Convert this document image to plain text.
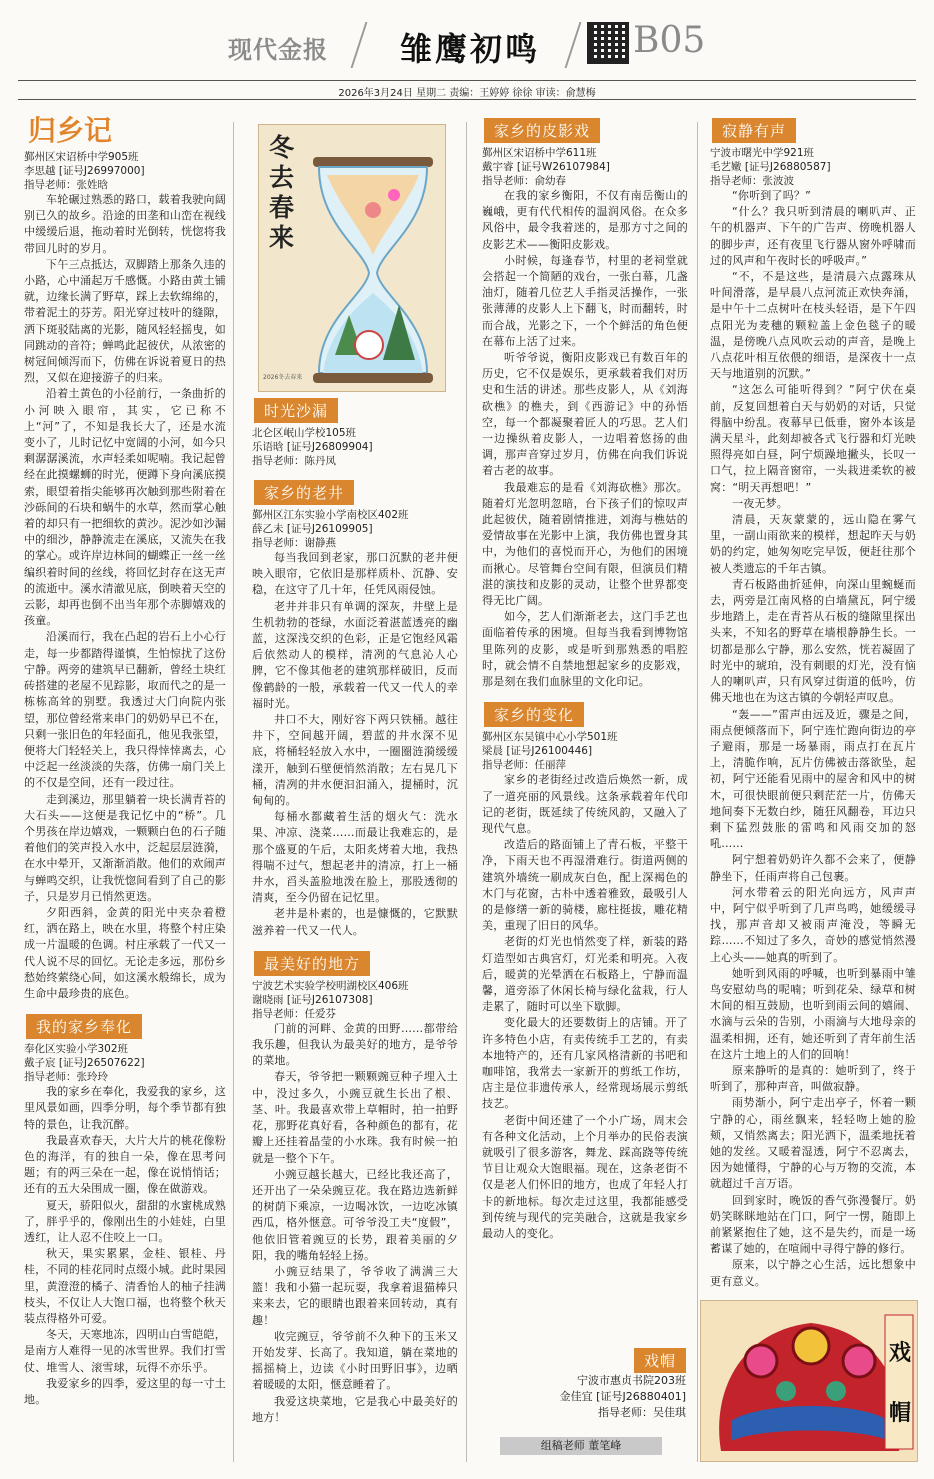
现代金报 雏鹰初鸣	B05
2026年3月24日 星期二 责编：王婷婷 徐徐 审读：俞慧梅
归乡记
鄞州区宋诏桥中学905班
李思越 [证号J26997000]
指导老师：张姓晗

车轮碾过熟悉的路口，载着我驶向阔别已久的故乡。沿途的田垄和山峦在视线中缓缓后退，拖动着时光倒转，恍惚将我带回儿时的岁月。

下午三点抵达，双脚踏上那条久违的小路，心中涌起万千感慨。小路由黄土铺就，边缘长满了野草，踩上去软绵绵的，带着泥土的芬芳。阳光穿过枝叶的缝隙，洒下斑驳陆离的光影，随风轻轻摇曳，如同跳动的音符；蝉鸣此起彼伏，从浓密的树冠间倾泻而下，仿佛在诉说着夏日的热烈，又似在迎接游子的归来。

沿着土黄色的小径前行，一条曲折的小河映入眼帘，其实，它已称不上“河”了，不知是我长大了，还是水流变小了，儿时记忆中宽阔的小河，如今只剩潺潺溪流，水声轻柔如呢喃。我记起曾经在此摸螺蛳的时光，便蹲下身向溪底摸索，眼望着指尖能够再次触到那些附着在沙砾间的石块和蜗牛的水草，然而掌心触着的却只有一把细软的黄沙。泥沙如沙漏中的细沙，静静流走在溪底，又流失在我的掌心。或许岸边林间的蝴蝶正一丝一丝编织着时间的丝线，将回忆封存在这无声的流逝中。溪水清澈见底，倒映着天空的云影，却再也倒不出当年那个赤脚嬉戏的孩童。

沿溪而行，我在凸起的岩石上小心行走，每一步都踏得谨慎，生怕惊扰了这份宁静。两旁的建筑早已翻新，曾经土块红砖搭建的老屋不见踪影，取而代之的是一栋栋高耸的别墅。我透过大门向院内张望，那位曾经常来串门的奶奶早已不在，只剩一张旧色的年轻面孔，他见我张望，便将大门轻轻关上，我只得悻悻离去，心中泛起一丝淡淡的失落，仿佛一扇门关上的不仅是空间，还有一段过往。

走到溪边，那里躺着一块长满青苔的大石头——这便是我记忆中的“桥”。几个男孩在岸边嬉戏，一颗颗白色的石子随着他们的笑声投入水中，泛起层层涟漪，在水中晕开，又渐渐消散。他们的欢闹声与蝉鸣交织，让我恍惚间看到了自己的影子，只是岁月已悄然更迭。

夕阳西斜，金黄的阳光中夹杂着橙红，洒在路上，映在水里，将整个村庄染成一片温暖的色调。村庄承载了一代又一代人说不尽的回忆。无论走多远，那份乡愁始终萦绕心间，如这溪水般绵长，成为生命中最珍贵的底色。

我的家乡奉化
奉化区实验小学302班
戴子宸 [证号J26507622]
指导老师：张玲玲

我的家乡在奉化，我爱我的家乡，这里风景如画，四季分明，每个季节都有独特的景色，让我沉醉。

我最喜欢春天，大片大片的桃花像粉色的海洋，有的独自一朵，像在思考问题；有的两三朵在一起，像在说悄悄话；还有的五大朵围成一圈，像在做游戏。

夏天，骄阳似火，甜甜的水蜜桃成熟了，胖乎乎的，像刚出生的小娃娃，白里透红，让人忍不住咬上一口。

秋天，果实累累，金桂、银桂、丹桂，不同的桂花同时点缀小城。此时果园里，黄澄澄的橘子、清香怡人的柚子挂满枝头，不仅让人大饱口福，也将整个秋天装点得格外可爱。

冬天，天寒地冻，四明山白雪皑皑，是南方人难得一见的冰雪世界。我们打雪仗、堆雪人、滚雪球，玩得不亦乐乎。

我爱家乡的四季，爱这里的每一寸土地。

冬去春来
2026冬去春来
时光沙漏
北仑区岷山学校105班
乐语晗 [证号J26809904]
指导老师：陈丹凤
家乡的老井
鄞州区江东实验小学南校区402班
薛乙未 [证号J26109905]
指导老师：谢静燕

每当我回到老家，那口沉默的老井便映入眼帘，它依旧是那样质朴、沉静、安稳，在这守了几十年，任凭风雨侵蚀。

老井并非只有单调的深灰，井壁上是生机勃勃的苍绿，水面泛着湛蓝透亮的幽蓝，这深浅交织的色彩，正是它饱经风霜后依然动人的模样，清冽的气息沁人心脾，它不像其他老的建筑那样破旧，反而像鹤龄的一般，承载着一代又一代人的幸福时光。

井口不大，刚好容下两只铁桶。越往井下，空间越开阔，碧蓝的井水深不见底，将桶轻轻放入水中，一圈圈涟漪缓缓漾开，触到石壁便悄然消散；左右晃几下桶，清冽的井水便汩汩涌入，提桶时，沉甸甸的。

每桶水都藏着生活的烟火气：洗水果、冲凉、浇菜……而最让我难忘的，是那个盛夏的午后，太阳炙烤着大地，我热得喘不过气，想起老井的清凉，打上一桶井水，舀头盖脸地泼在脸上，那股透彻的清爽，至今仍留在记忆里。

老井是朴素的，也是慷慨的，它默默滋养着一代又一代人。

最美好的地方
宁波艺术实验学校明湖校区406班
谢晓雨 [证号J26107308]
指导老师：任爱芬

门前的河畔、金黄的田野……都带给我乐趣，但我认为最美好的地方，是爷爷的菜地。

春天，爷爷把一颗颗豌豆种子埋入土中，没过多久，小豌豆就生长出了根、茎、叶。我最喜欢带上草帽时，拍一拍野花，那野花真好看，各种颜色的都有，花瓣上还挂着晶莹的小水珠。我有时候一拍就是一整个下午。

小豌豆越长越大，已经比我还高了，还开出了一朵朵豌豆花。我在路边选新鲜的树荫下乘凉，一边喝冰饮，一边吃冰镇西瓜，格外惬意。可爷爷没工夫“度假”，他依旧管着豌豆的长势，跟着美丽的夕阳，我的嘴角轻轻上扬。

小豌豆结果了，爷爷收了满满三大篮！我和小猫一起玩耍，我拿着退猫棒只来来去，它的眼睛也跟着来回转动，真有趣！

收完豌豆，爷爷前不久种下的玉米又开始发芽、长高了。我知道，躺在菜地的摇摇椅上，边读《小时田野旧事》，边晒着暖暖的太阳，惬意睡着了。

我爱这块菜地，它是我心中最美好的地方！

家乡的皮影戏
鄞州区宋诏桥中学611班
戴宇睿 [证号W26107984]
指导老师：俞幼春

在我的家乡衡阳，不仅有南岳衡山的巍峨，更有代代相传的温润风俗。在众多风俗中，最令我着迷的，是那方寸之间的皮影艺术——衡阳皮影戏。

小时候，每逢春节，村里的老祠堂就会搭起一个简陋的戏台，一张白幕，几盏油灯，随着几位艺人手指灵活操作，一张张薄薄的皮影人上下翻飞，时而翻转，时而合战，光影之下，一个个鲜活的角色便在幕布上活了过来。

听爷爷说，衡阳皮影戏已有数百年的历史，它不仅是娱乐，更承载着我们对历史和生活的讲述。那些皮影人，从《刘海砍樵》的樵夫，到《西游记》中的孙悟空，每一个都凝聚着匠人的巧思。艺人们一边操纵着皮影人，一边唱着悠扬的曲调，那声音穿过岁月，仿佛在向我们诉说着古老的故事。

我最难忘的是看《刘海砍樵》那次。随着灯光忽明忽暗，台下孩子们的惊叹声此起彼伏，随着剧情推进，刘海与樵姑的爱情故事在光影中上演，我仿佛也置身其中，为他们的喜悦而开心，为他们的困境而揪心。尽管舞台空间有限，但演员们精湛的演技和皮影的灵动，让整个世界都变得无比广阔。

如今，艺人们渐渐老去，这门手艺也面临着传承的困境。但每当我看到博物馆里陈列的皮影，或是听到那熟悉的唱腔时，就会情不自禁地想起家乡的皮影戏，那是刻在我们血脉里的文化印记。

家乡的变化
鄞州区东吴镇中心小学501班
梁晨 [证号J26100446]
指导老师：任丽萍

家乡的老街经过改造后焕然一新，成了一道亮丽的风景线。这条承载着年代印记的老街，既延续了传统风韵，又融入了现代气息。

改造后的路面铺上了青石板，平整干净，下雨天也不再湿滑难行。街道两侧的建筑外墙统一刷成灰白色，配上深褐色的木门与花窗，古朴中透着雅致，最吸引人的是修缮一新的骑楼，廊柱挺拔，雕花精美，重现了旧日的风华。

老街的灯光也悄然变了样，新装的路灯造型如古典宫灯，灯光柔和明亮。入夜后，暖黄的光晕洒在石板路上，宁静而温馨，道旁添了休闲长椅与绿化盆栽，行人走累了，随时可以坐下歇脚。

变化最大的还要数街上的店铺。开了许多特色小店，有卖传统手工艺的，有卖本地特产的，还有几家风格清新的书吧和咖啡馆，我常去一家新开的剪纸工作坊，店主是位非遗传承人，经常现场展示剪纸技艺。

老街中间还建了一个小广场，周末会有各种文化活动，上个月举办的民俗表演就吸引了很多游客，舞龙、踩高跷等传统节目让观众大饱眼福。现在，这条老街不仅是老人们怀旧的地方，也成了年轻人打卡的新地标。每次走过这里，我都能感受到传统与现代的完美融合，这就是我家乡最动人的变化。

戏帽
宁波市惠贞书院203班
金佳宜 [证号J26880401]
指导老师：吴佳琪
寂静有声
宁波市曙光中学921班
毛艺嫩 [证号J26880587]
指导老师：张波波

“你听到了吗？”

“什么？我只听到清晨的喇叭声、正午的机器声、下午的广告声、傍晚机器人的脚步声，还有夜里飞行器从窗外呼啸而过的风声和午夜时长的呼吸声。”

“不，不是这些，是清晨六点露珠从叶间滑落，是早晨八点河流正欢快奔涌，是中午十二点树叶在枝头轻语，是下午四点阳光为麦穗的颗粒盖上金色毯子的暖温，是傍晚八点风吹云动的声音，是晚上八点花叶相互依偎的细语，是深夜十一点天与地道别的沉默。”

“这怎么可能听得到？”阿宁伏在桌前，反复回想着白天与奶奶的对话，只觉得脑中纷乱。夜幕早已低垂，窗外本该是满天星斗，此刻却被各式飞行器和灯光映照得亮如白昼，阿宁烦躁地撇头，长叹一口气，拉上隔音窗帘，一头栽进柔软的被窝：“明天再想吧！”

一夜无梦。

清晨，天灰蒙蒙的，远山隐在雾气里，一副山雨欲来的模样，想起昨天与奶奶的约定，她匆匆吃完早饭，便赶往那个被人类遗忘的千年古镇。

青石板路曲折延伸，向深山里蜿蜒而去，两旁是江南风格的白墙黛瓦，阿宁缓步地踏上，走在青苔从石板的缝隙里探出头来，不知名的野草在墙根静静生长。一切都是那么宁静，那么安然，恍若凝固了时光中的琥珀，没有刺眼的灯光，没有恼人的喇叭声，只有风穿过街道的低吟，仿佛天地也在为这古镇的今朝轻声叹息。

“轰——”雷声由远及近，骤是之间，雨点便倾落而下，阿宁连忙跑向街边的亭子避雨，那是一场暴雨，雨点打在瓦片上，清脆作响，瓦片仿佛被击落欲坠，起初，阿宁还能看见雨中的屋舍和风中的树木，可很快眼前便只剩茫茫一片，仿佛天地间奏下无数白纱，随狂风翻卷，耳边只剩下猛烈鼓胀的雷鸣和风雨交加的怒吼……

阿宁想着奶奶许久都不会来了，便静静坐下，任雨声将自己包裹。

河水带着云的阳光向远方，风声声中，阿宁似乎听到了几声鸟鸣，她缓缓寻找，那声音却又被雨声淹没，等瞬无踪……不知过了多久，奇妙的感觉悄然漫上心头——她真的听到了。

她听到风雨的呼喊，也听到暴雨中雏鸟安慰幼鸟的呢喃；听到花朵、绿草和树木间的相互鼓励，也听到雨云间的嬉闹、水滴与云朵的告别，小雨滴与大地母亲的温柔相拥，还有，她还听到了青年前生活在这片土地上的人们的回响！

原来静听的是真的：她听到了，终于听到了，那种声音，叫做寂静。

雨势渐小，阿宁走出亭子，怀着一颗宁静的心，雨丝飘来，轻轻吻上她的脸颊，又悄然离去；阳光洒下，温柔地抚着她的发丝。又暖着湿透，阿宁不忍离去，因为她懂得，宁静的心与万物的交流，本就超过千言万语。

回到家时，晚饭的香气弥漫餐厅。奶奶笑眯眯地站在门口，阿宁一愣，随即上前紧紧抱住了她，这不是失约，而是一场蓄谋了她的，在喧闹中寻得宁静的修行。

原来，以宁静之心生活，远比想象中更有意义。

戏帽
组稿老师 董笔峰
